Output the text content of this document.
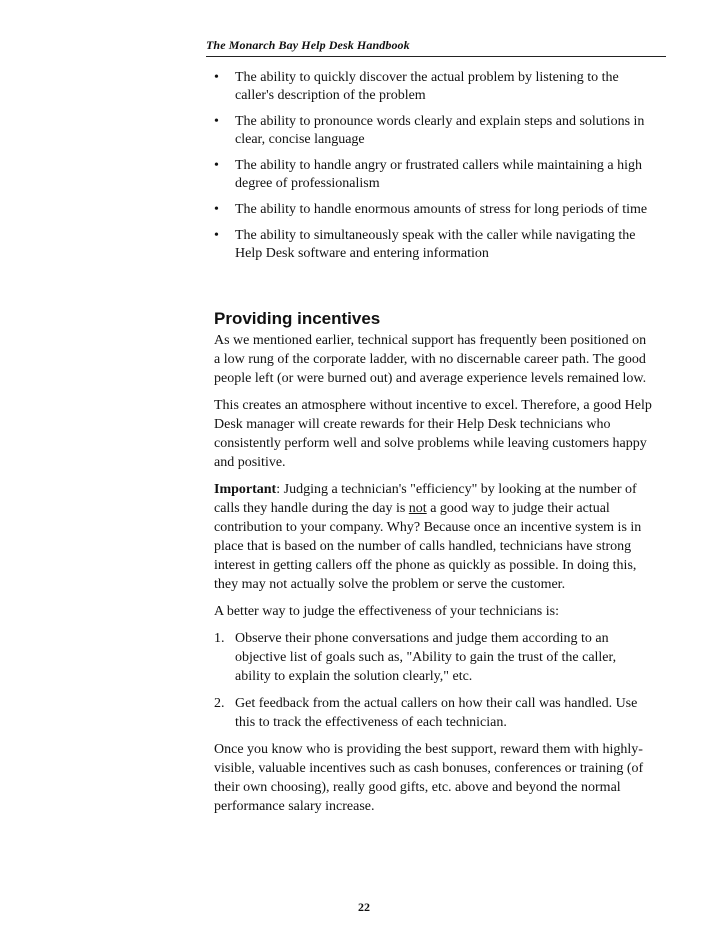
The Monarch Bay Help Desk Handbook
•	The ability to quickly discover the actual problem by listening to the caller's description of the problem
•	The ability to pronounce words clearly and explain steps and solutions in clear, concise language
•	The ability to handle angry or frustrated callers while maintaining a high degree of professionalism
•	The ability to handle enormous amounts of stress for long periods of time
•	The ability to simultaneously speak with the caller while navigating the Help Desk software and entering information
Providing incentives

As we mentioned earlier, technical support has frequently been positioned on a low rung of the corporate ladder, with no discernable career path. The good people left (or were burned out) and average experience levels remained low.

This creates an atmosphere without incentive to excel. Therefore, a good Help Desk manager will create rewards for their Help Desk technicians who consistently perform well and solve problems while leaving customers happy and positive.

Important: Judging a technician's "efficiency" by looking at the number of calls they handle during the day is not a good way to judge their actual contribution to your company. Why? Because once an incentive system is in place that is based on the number of calls handled, technicians have strong interest in getting callers off the phone as quickly as possible. In doing this, they may not actually solve the problem or serve the customer.

A better way to judge the effectiveness of your technicians is:

1. Observe their phone conversations and judge them according to an objective list of goals such as, "Ability to gain the trust of the caller, ability to explain the solution clearly," etc.
2. Get feedback from the actual callers on how their call was handled. Use this to track the effectiveness of each technician.

Once you know who is providing the best support, reward them with highly-visible, valuable incentives such as cash bonuses, conferences or training (of their own choosing), really good gifts, etc. above and beyond the normal performance salary increase.

22
